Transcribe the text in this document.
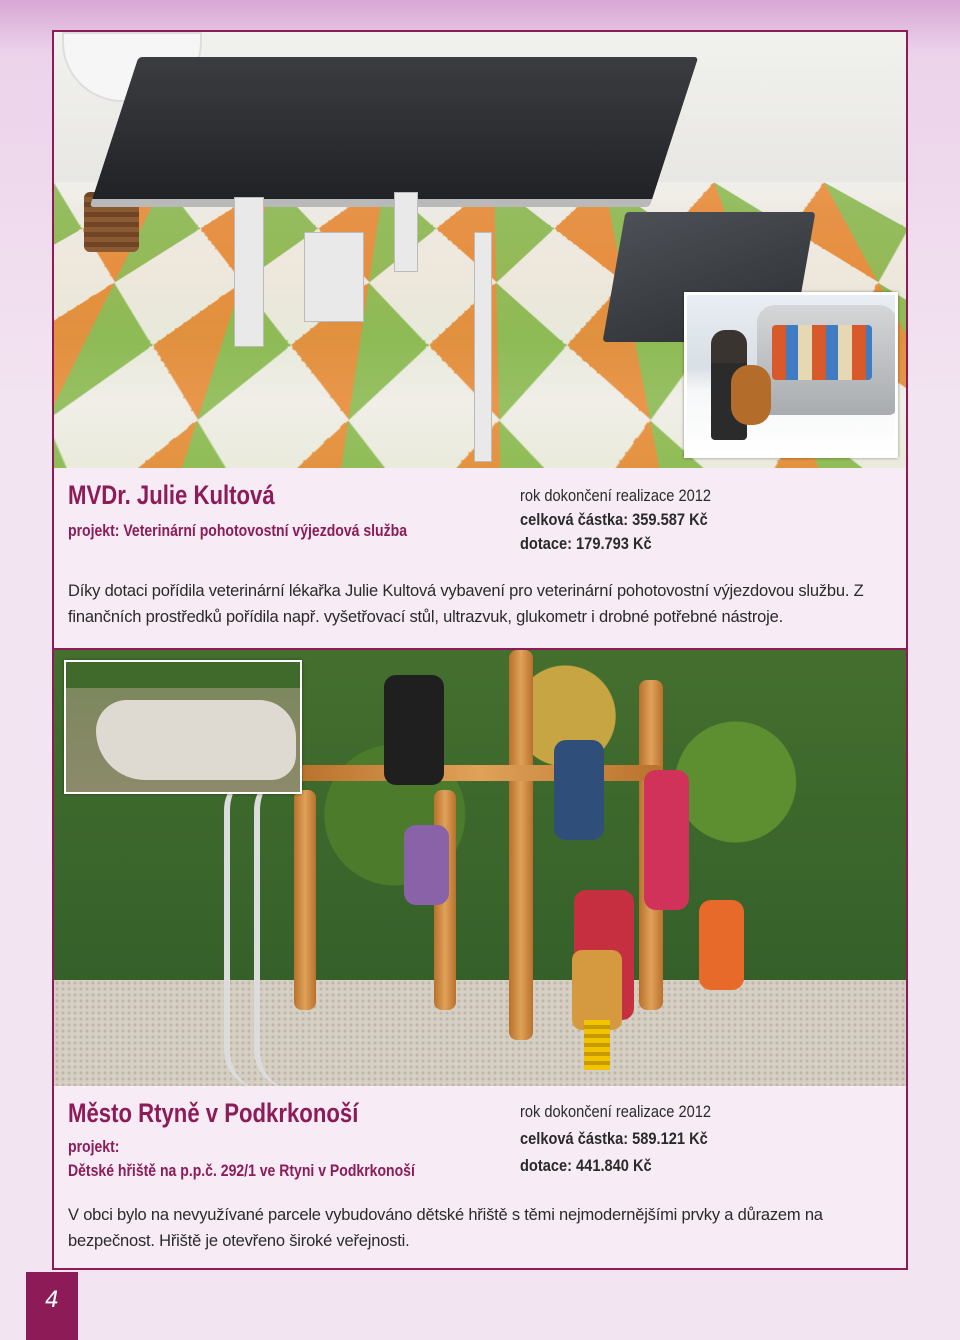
MVDr. Julie Kultová
projekt: Veterinární pohotovostní výjezdová služba
rok dokončení realizace 2012
celková částka: 359.587 Kč
dotace: 179.793 Kč
Díky dotaci pořídila veterinární lékařka Julie Kultová vybavení pro veterinární pohotovostní výjezdovou službu. Z finančních prostředků pořídila např. vyšetřovací stůl, ultrazvuk, glukometr i drobné potřebné nástroje.
Město Rtyně v Podkrkonoší
projekt:
Dětské hřiště na p.p.č. 292/1 ve Rtyni v Podkrkonoší
rok dokončení realizace 2012
celková částka: 589.121 Kč
dotace: 441.840 Kč
V obci bylo na nevyužívané parcele vybudováno dětské hřiště s těmi nejmodernějšími prvky a důrazem na bezpečnost. Hřiště je otevřeno široké veřejnosti.
4
